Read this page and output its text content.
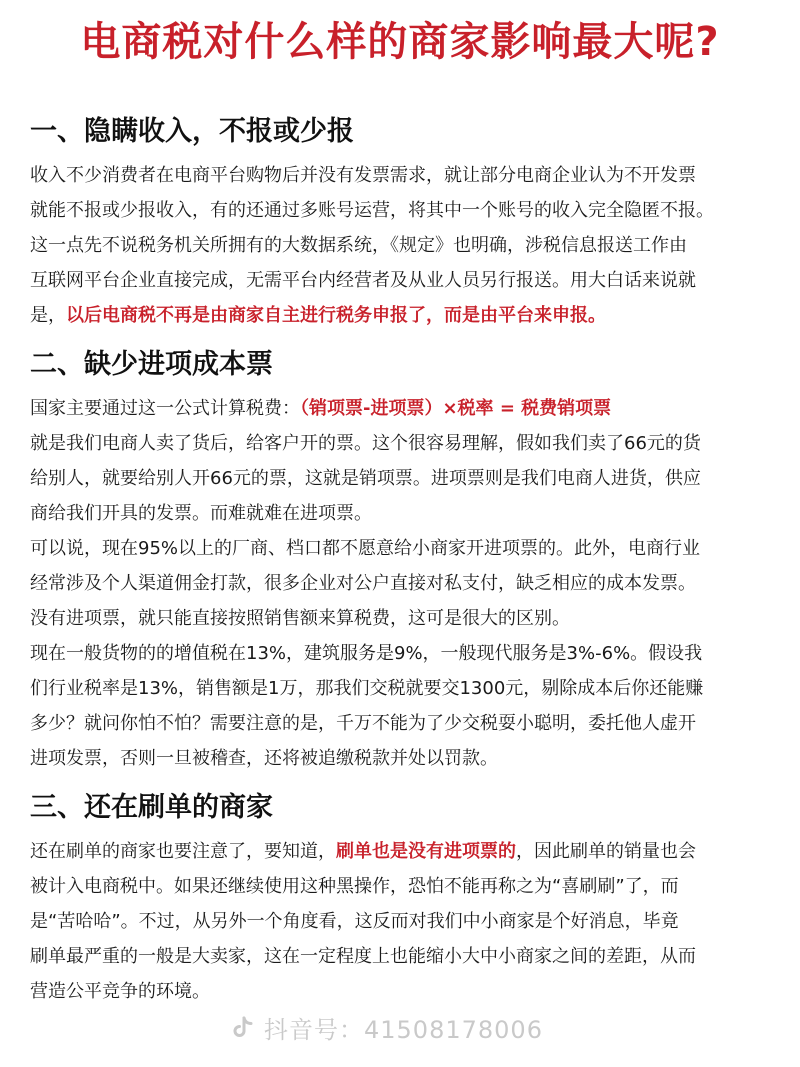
电商税对什么样的商家影响最大呢?

一、隐瞒收入，不报或少报

收入不少消费者在电商平台购物后并没有发票需求，就让部分电商企业认为不开发票

就能不报或少报收入，有的还通过多账号运营，将其中一个账号的收入完全隐匿不报。

这一点先不说税务机关所拥有的大数据系统，《规定》也明确，涉税信息报送工作由

互联网平台企业直接完成，无需平台内经营者及从业人员另行报送。用大白话来说就

是，以后电商税不再是由商家自主进行税务申报了，而是由平台来申报。

二、缺少进项成本票

国家主要通过这一公式计算税费：（销项票-进项票）×税率 = 税费销项票

就是我们电商人卖了货后，给客户开的票。这个很容易理解，假如我们卖了66元的货

给别人，就要给别人开66元的票，这就是销项票。进项票则是我们电商人进货，供应

商给我们开具的发票。而难就难在进项票。

可以说，现在95%以上的厂商、档口都不愿意给小商家开进项票的。此外，电商行业

经常涉及个人渠道佣金打款，很多企业对公户直接对私支付，缺乏相应的成本发票。

没有进项票，就只能直接按照销售额来算税费，这可是很大的区别。

现在一般货物的的增值税在13%，建筑服务是9%，一般现代服务是3%-6%。假设我

们行业税率是13%，销售额是1万，那我们交税就要交1300元，剔除成本后你还能赚

多少？就问你怕不怕？需要注意的是，千万不能为了少交税耍小聪明，委托他人虚开

进项发票，否则一旦被稽查，还将被追缴税款并处以罚款。

三、还在刷单的商家

还在刷单的商家也要注意了，要知道，刷单也是没有进项票的，因此刷单的销量也会

被计入电商税中。如果还继续使用这种黑操作，恐怕不能再称之为“喜刷刷”了，而

是“苦哈哈”。不过，从另外一个角度看，这反而对我们中小商家是个好消息，毕竟

刷单最严重的一般是大卖家，这在一定程度上也能缩小大中小商家之间的差距，从而

营造公平竞争的环境。

抖音号：41508178006
